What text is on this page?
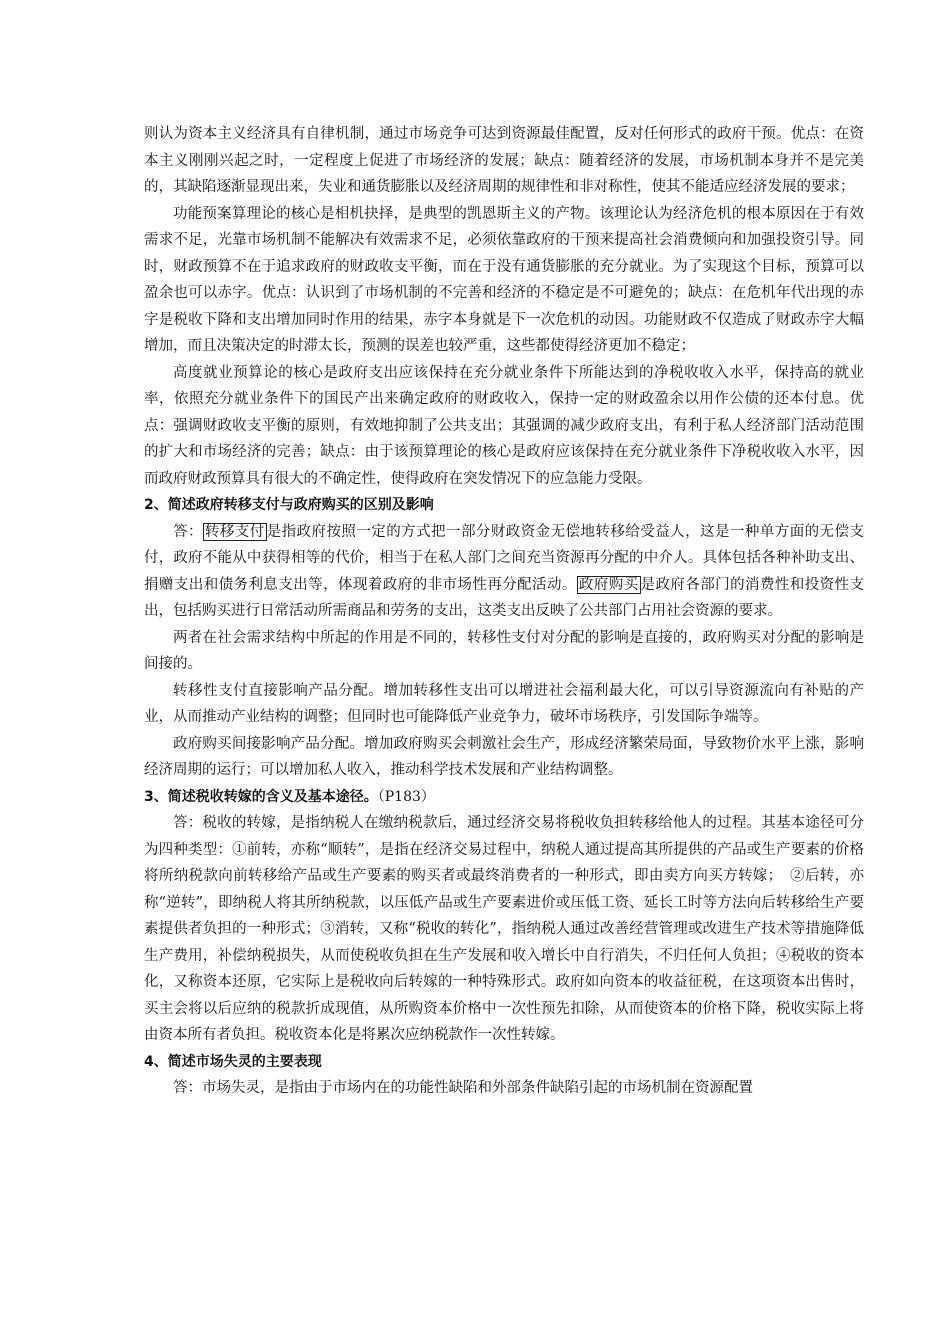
则认为资本主义经济具有自律机制，通过市场竞争可达到资源最佳配置，反对任何形式的政府干预。优点：在资本主义刚刚兴起之时，一定程度上促进了市场经济的发展；缺点：随着经济的发展，市场机制本身并不是完美的，其缺陷逐渐显现出来，失业和通货膨胀以及经济周期的规律性和非对称性，使其不能适应经济发展的要求；

功能预案算理论的核心是相机抉择，是典型的凯恩斯主义的产物。该理论认为经济危机的根本原因在于有效需求不足，光靠市场机制不能解决有效需求不足，必须依靠政府的干预来提高社会消费倾向和加强投资引导。同时，财政预算不在于追求政府的财政收支平衡，而在于没有通货膨胀的充分就业。为了实现这个目标，预算可以盈余也可以赤字。优点：认识到了市场机制的不完善和经济的不稳定是不可避免的；缺点：在危机年代出现的赤字是税收下降和支出增加同时作用的结果，赤字本身就是下一次危机的动因。功能财政不仅造成了财政赤字大幅增加，而且决策决定的时滞太长，预测的误差也较严重，这些都使得经济更加不稳定；

高度就业预算论的核心是政府支出应该保持在充分就业条件下所能达到的净税收收入水平，保持高的就业率，依照充分就业条件下的国民产出来确定政府的财政收入，保持一定的财政盈余以用作公债的还本付息。优点：强调财政收支平衡的原则，有效地抑制了公共支出；其强调的减少政府支出，有利于私人经济部门活动范围的扩大和市场经济的完善；缺点：由于该预算理论的核心是政府应该保持在充分就业条件下净税收收入水平，因而政府财政预算具有很大的不确定性，使得政府在突发情况下的应急能力受限。

2、简述政府转移支付与政府购买的区别及影响

答： 转移支付 是指政府按照一定的方式把一部分财政资金无偿地转移给受益人，这是一种单方面的无偿支付，政府不能从中获得相等的代价，相当于在私人部门之间充当资源再分配的中介人。具体包括各种补助支出、捐赠支出和债务利息支出等，体现着政府的非市场性再分配活动。 政府购买 是政府各部门的消费性和投资性支出，包括购买进行日常活动所需商品和劳务的支出，这类支出反映了公共部门占用社会资源的要求。

两者在社会需求结构中所起的作用是不同的，转移性支付对分配的影响是直接的，政府购买对分配的影响是间接的。

转移性支付直接影响产品分配。增加转移性支出可以增进社会福利最大化，可以引导资源流向有补贴的产业，从而推动产业结构的调整；但同时也可能降低产业竞争力，破坏市场秩序，引发国际争端等。

政府购买间接影响产品分配。增加政府购买会刺激社会生产，形成经济繁荣局面，导致物价水平上涨，影响经济周期的运行；可以增加私人收入，推动科学技术发展和产业结构调整。

3、简述税收转嫁的含义及基本途径。（P183）

答：税收的转嫁，是指纳税人在缴纳税款后，通过经济交易将税收负担转移给他人的过程。其基本途径可分为四种类型：①前转，亦称“顺转”，是指在经济交易过程中，纳税人通过提高其所提供的产品或生产要素的价格将所纳税款向前转移给产品或生产要素的购买者或最终消费者的一种形式，即由卖方向买方转嫁；　②后转，亦称“逆转”，即纳税人将其所纳税款，以压低产品或生产要素进价或压低工资、延长工时等方法向后转移给生产要素提供者负担的一种形式；③消转，又称“税收的转化”，指纳税人通过改善经营管理或改进生产技术等措施降低生产费用，补偿纳税损失，从而使税收负担在生产发展和收入增长中自行消失，不归任何人负担；④税收的资本化，又称资本还原，它实际上是税收向后转嫁的一种特殊形式。政府如向资本的收益征税，在这项资本出售时，买主会将以后应纳的税款折成现值，从所购资本价格中一次性预先扣除，从而使资本的价格下降，税收实际上将由资本所有者负担。税收资本化是将累次应纳税款作一次性转嫁。

4、简述市场失灵的主要表现

答：市场失灵，是指由于市场内在的功能性缺陷和外部条件缺陷引起的市场机制在资源配置
